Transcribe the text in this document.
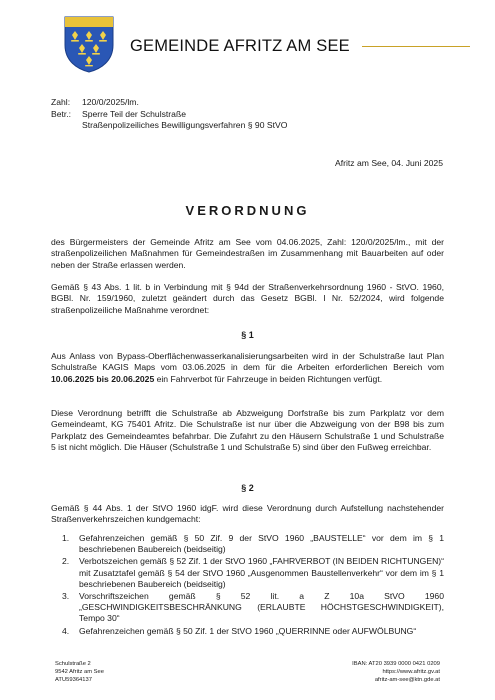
GEMEINDE AFRITZ AM SEE
Zahl:	120/0/2025/lm.
Betr.:	Sperre Teil der Schulstraße
Straßenpolizeiliches Bewilligungsverfahren § 90 StVO
Afritz am See, 04. Juni 2025
VERORDNUNG

des Bürgermeisters der Gemeinde Afritz am See vom 04.06.2025, Zahl: 120/0/2025/lm., mit der straßenpolizeilichen Maßnahmen für Gemeindestraßen im Zusammenhang mit Bauarbeiten auf oder neben der Straße erlassen werden.

Gemäß § 43 Abs. 1 lit. b in Verbindung mit § 94d der Straßenverkehrsordnung 1960 - StVO. 1960, BGBl. Nr. 159/1960, zuletzt geändert durch das Gesetz BGBl. I Nr. 52/2024, wird folgende straßenpolizeiliche Maßnahme verordnet:

§ 1

Aus Anlass von Bypass-Oberflächenwasserkanalisierungsarbeiten wird in der Schulstraße laut Plan Schulstraße KAGIS Maps vom 03.06.2025 in dem für die Arbeiten erforderlichen Bereich vom 10.06.2025 bis 20.06.2025 ein Fahrverbot für Fahrzeuge in beiden Richtungen verfügt.

Diese Verordnung betrifft die Schulstraße ab Abzweigung Dorfstraße bis zum Parkplatz vor dem Gemeindeamt, KG 75401 Afritz. Die Schulstraße ist nur über die Abzweigung von der B98 bis zum Parkplatz des Gemeindeamtes befahrbar. Die Zufahrt zu den Häusern Schulstraße 1 und Schulstraße 5 ist nicht möglich. Die Häuser (Schulstraße 1 und Schulstraße 5) sind über den Fußweg erreichbar.

§ 2

Gemäß § 44 Abs. 1 der StVO 1960 idgF. wird diese Verordnung durch Aufstellung nachstehender Straßenverkehrszeichen kundgemacht:

1.	Gefahrenzeichen gemäß § 50 Zif. 9 der StVO 1960 „BAUSTELLE“ vor dem im § 1 beschriebenen Baubereich (beidseitig)
2.	Verbotszeichen gemäß § 52 Zif. 1 der StVO 1960 „FAHRVERBOT (IN BEIDEN RICHTUNGEN)“ mit Zusatztafel gemäß § 54 der StVO 1960 „Ausgenommen Baustellenverkehr“ vor dem im § 1 beschriebenen Baubereich (beidseitig)
3.	Vorschriftszeichen gemäß § 52 lit. a Z 10a StVO 1960 „GESCHWINDIGKEITSBESCHRÄNKUNG (ERLAUBTE HÖCHSTGESCHWINDIGKEIT), Tempo 30“
4.	Gefahrenzeichen gemäß § 50 Zif. 1 der StVO 1960 „QUERRINNE oder AUFWÖLBUNG“
Schulstraße 2
9542 Afritz am See
ATU59364137
IBAN: AT20 3939 0000 0421 0209
https://www.afritz.gv.at
afritz-am-see@ktn.gde.at
